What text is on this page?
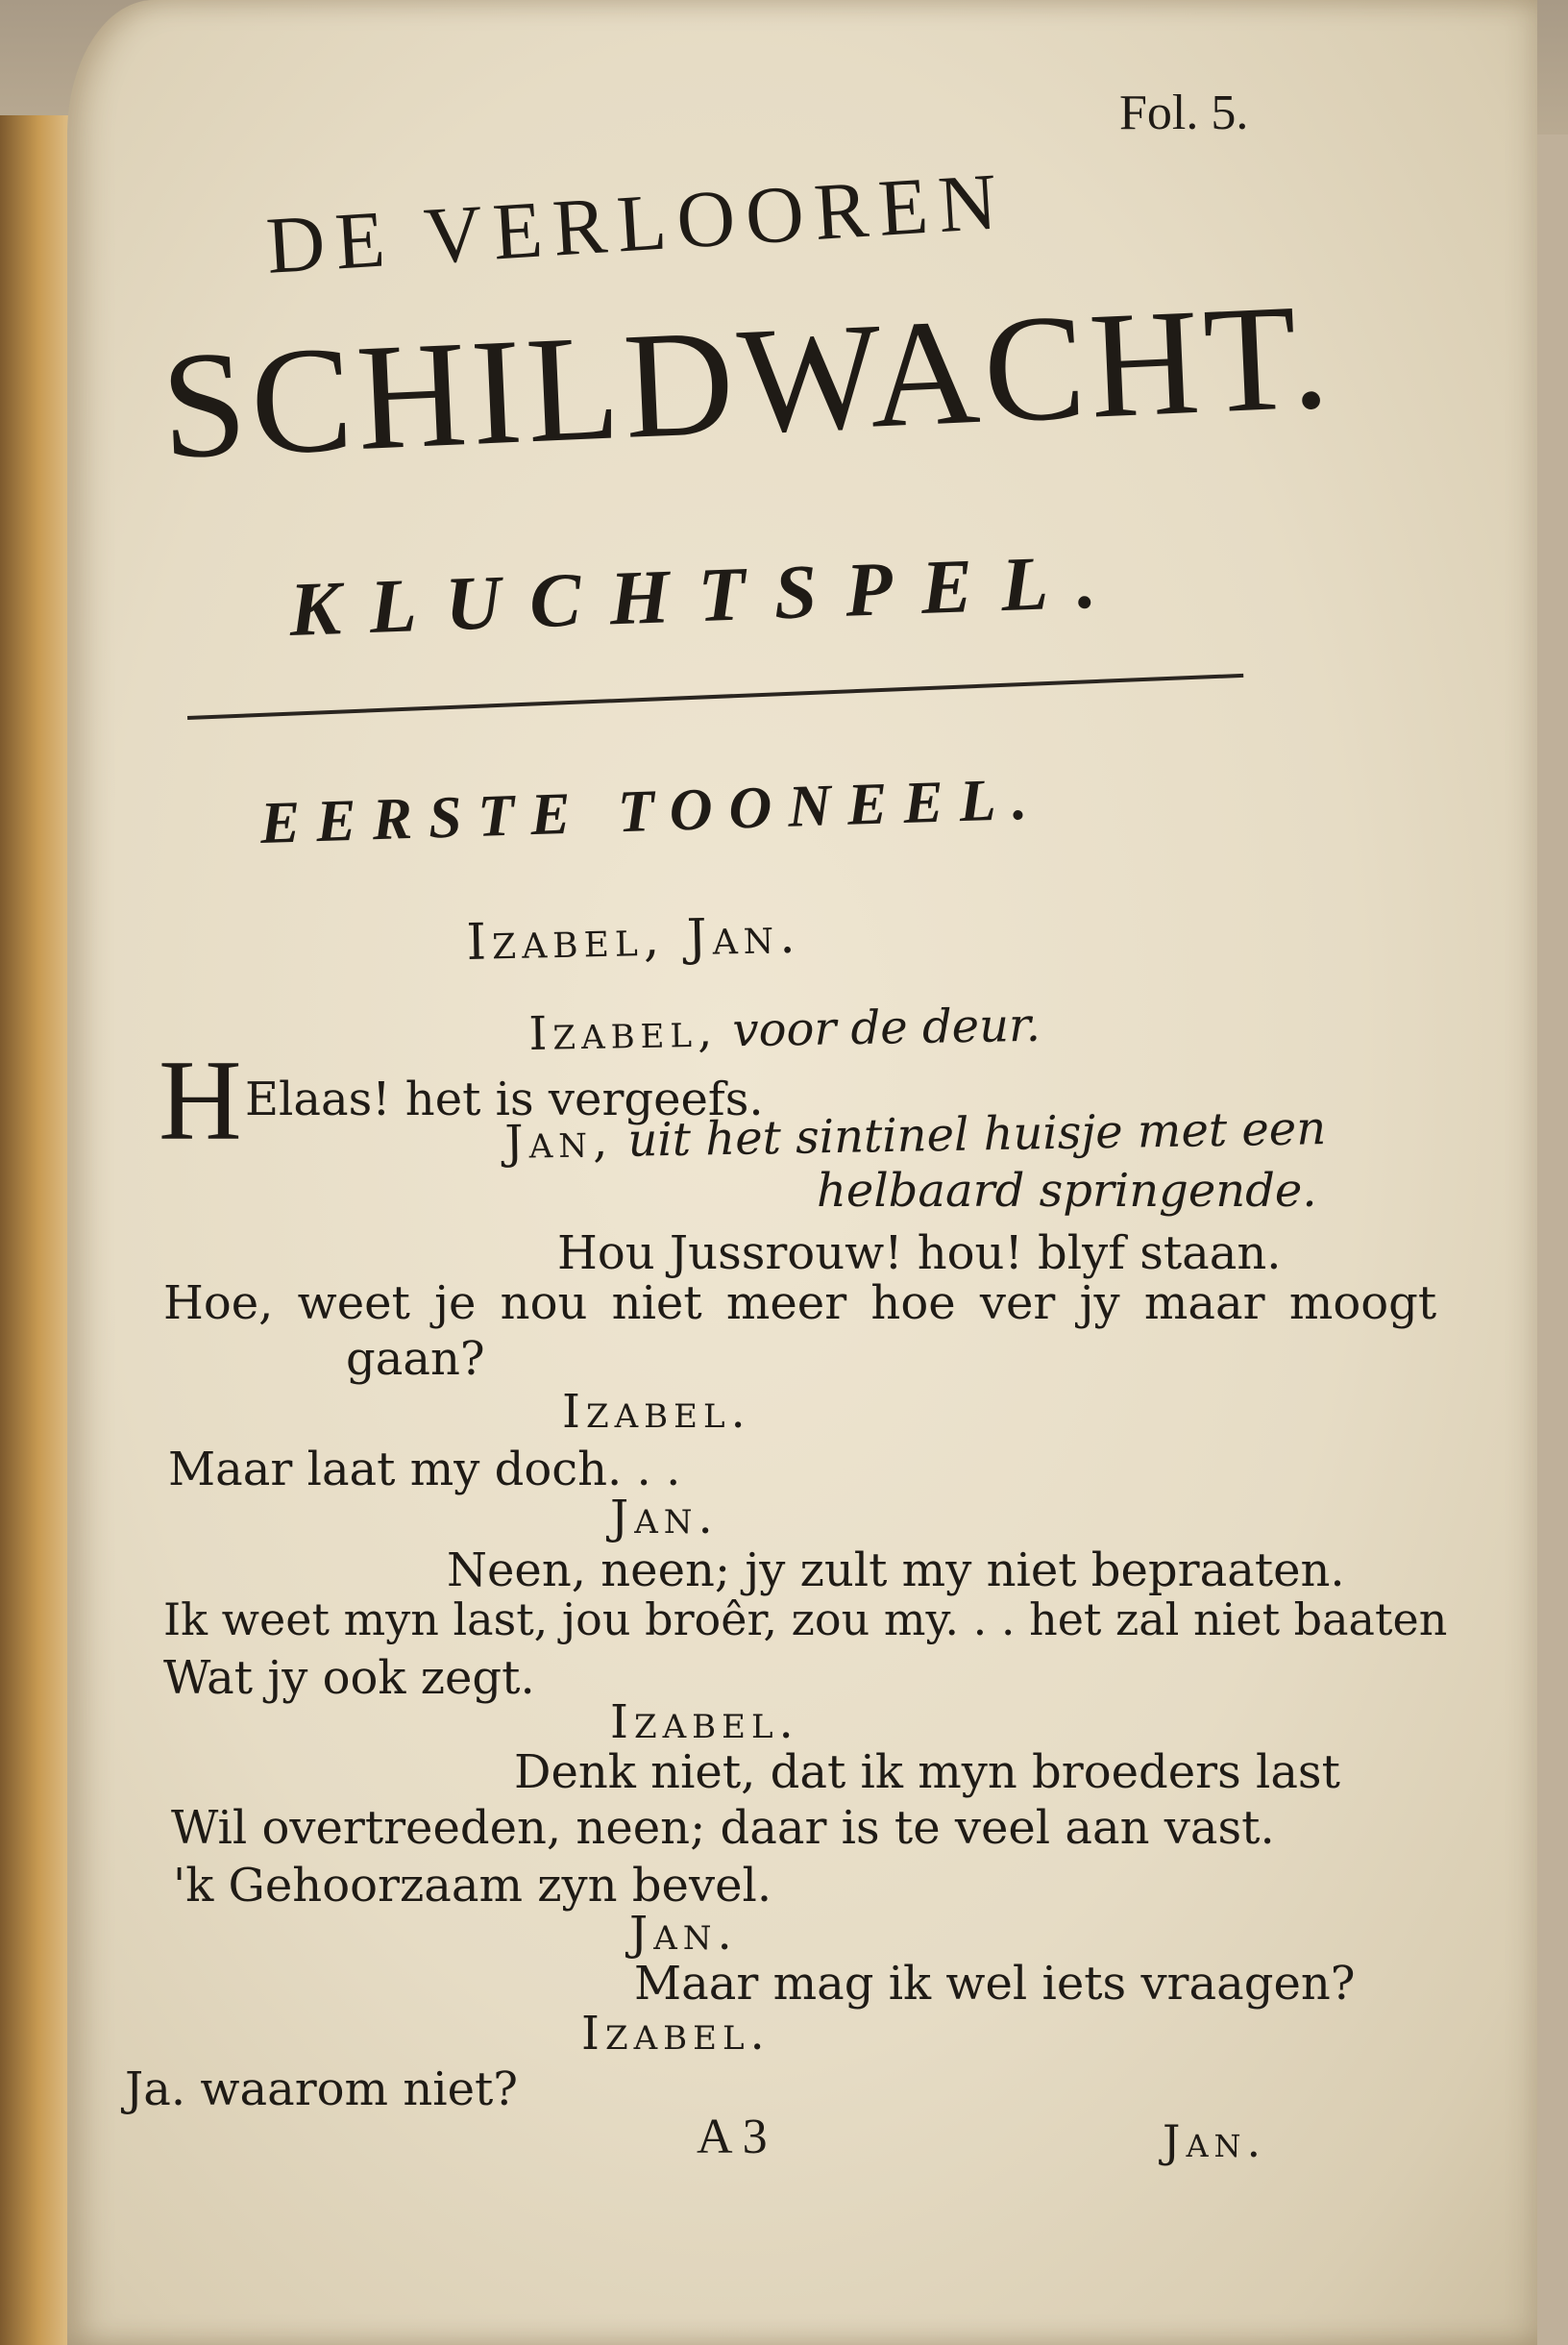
Fol. 5.
DE VERLOOREN
SCHILDWACHT.
KLUCHTSPEL.
EERSTE TOONEEL.
Izabel, Jan.
Izabel, voor de deur.
H Elaas! het is vergeefs.
Jan, uit het sintinel huisje met een
helbaard springende.
Hou Jussrouw! hou! blyf staan.
Hoe, weet je nou niet meer hoe ver jy maar moogt
gaan?
Izabel.
Maar laat my doch. . .
Jan.
Neen, neen; jy zult my niet bepraaten.
Ik weet myn last, jou broêr, zou my. . . het zal niet baaten
Wat jy ook zegt.
Izabel.
Denk niet, dat ik myn broeders last
Wil overtreeden, neen; daar is te veel aan vast.
'k Gehoorzaam zyn bevel.
Jan.
Maar mag ik wel iets vraagen?
Izabel.
Ja. waarom niet?
A 3	Jan.
